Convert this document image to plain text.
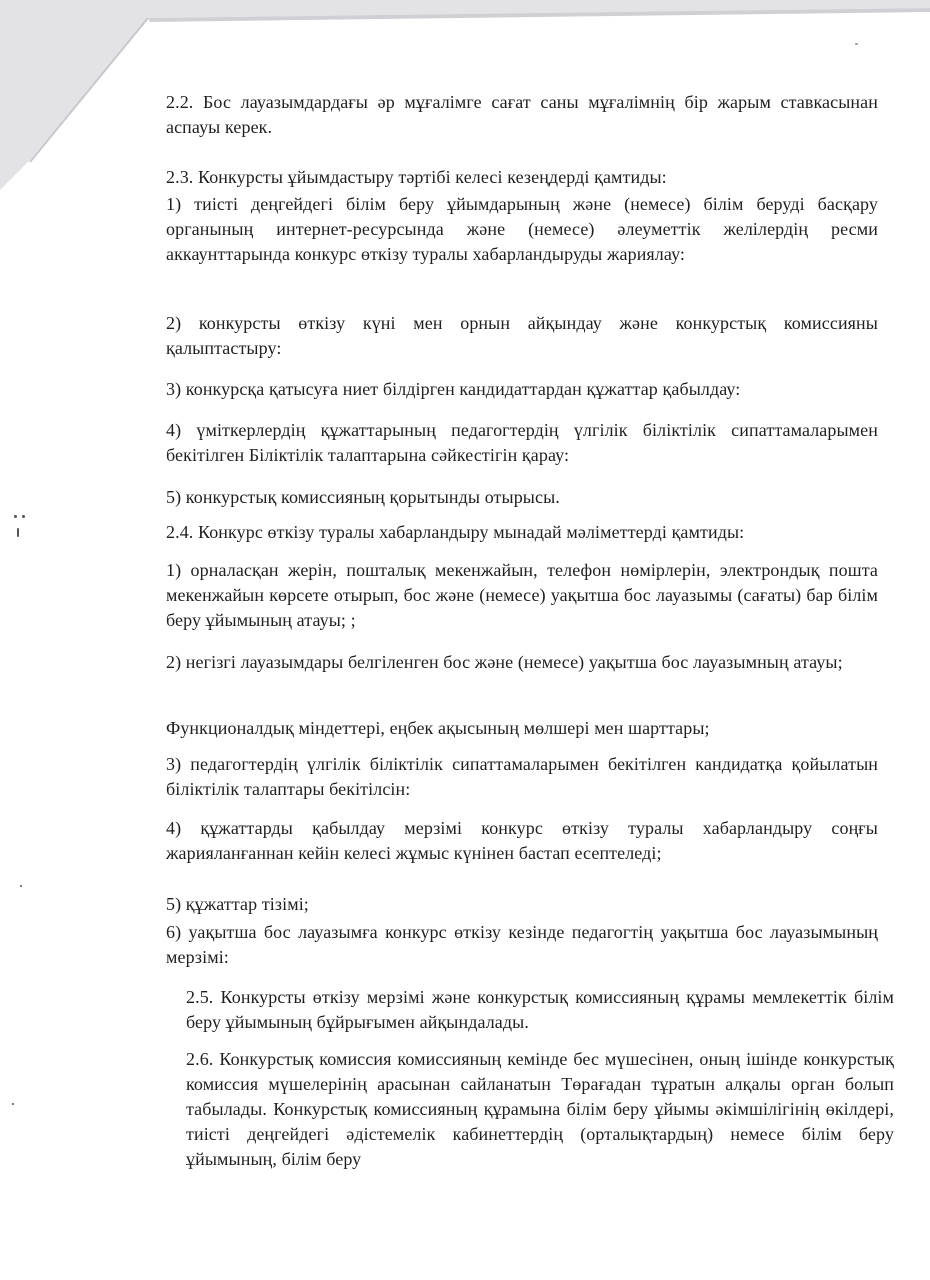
2.2. Бос лауазымдардағы әр мұғалімге сағат саны мұғалімнің бір жарым ставкасынан аспауы керек.
2.3. Конкурсты ұйымдастыру тәртібі келесі кезеңдерді қамтиды:
1) тиісті деңгейдегі білім беру ұйымдарының және (немесе) білім беруді басқару органының интернет-ресурсында және (немесе) әлеуметтік желілердің ресми аккаунттарында конкурс өткізу туралы хабарландыруды жариялау:
2) конкурсты өткізу күні мен орнын айқындау және конкурстық комиссияны қалыптастыру:
3) конкурсқа қатысуға ниет білдірген кандидаттардан құжаттар қабылдау:
4) үміткерлердің құжаттарының педагогтердің үлгілік біліктілік сипаттамаларымен бекітілген Біліктілік талаптарына сәйкестігін қарау:
5) конкурстық комиссияның қорытынды отырысы.
2.4. Конкурс өткізу туралы хабарландыру мынадай мәліметтерді қамтиды:
1) орналасқан жерін, пошталық мекенжайын, телефон нөмірлерін, электрондық пошта мекенжайын көрсете отырып, бос және (немесе) уақытша бос лауазымы (сағаты) бар білім беру ұйымының атауы; ;
2) негізгі лауазымдары белгіленген бос және (немесе) уақытша бос лауазымның атауы;
Функционалдық міндеттері, еңбек ақысының мөлшері мен шарттары;
3) педагогтердің үлгілік біліктілік сипаттамаларымен бекітілген кандидатқа қойылатын біліктілік талаптары бекітілсін:
4) құжаттарды қабылдау мерзімі конкурс өткізу туралы хабарландыру соңғы жарияланғаннан кейін келесі жұмыс күнінен бастап есептеледі;
5) құжаттар тізімі;
6) уақытша бос лауазымға конкурс өткізу кезінде педагогтің уақытша бос лауазымының мерзімі:
2.5. Конкурсты өткізу мерзімі және конкурстық комиссияның құрамы мемлекеттік білім беру ұйымының бұйрығымен айқындалады.
2.6. Конкурстық комиссия комиссияның кемінде бес мүшесінен, оның ішінде конкурстық комиссия мүшелерінің арасынан сайланатын Төрағадан тұратын алқалы орган болып табылады. Конкурстық комиссияның құрамына білім беру ұйымы әкімшілігінің өкілдері, тиісті деңгейдегі әдістемелік кабинеттердің (орталықтардың) немесе білім беру ұйымының, білім беру
